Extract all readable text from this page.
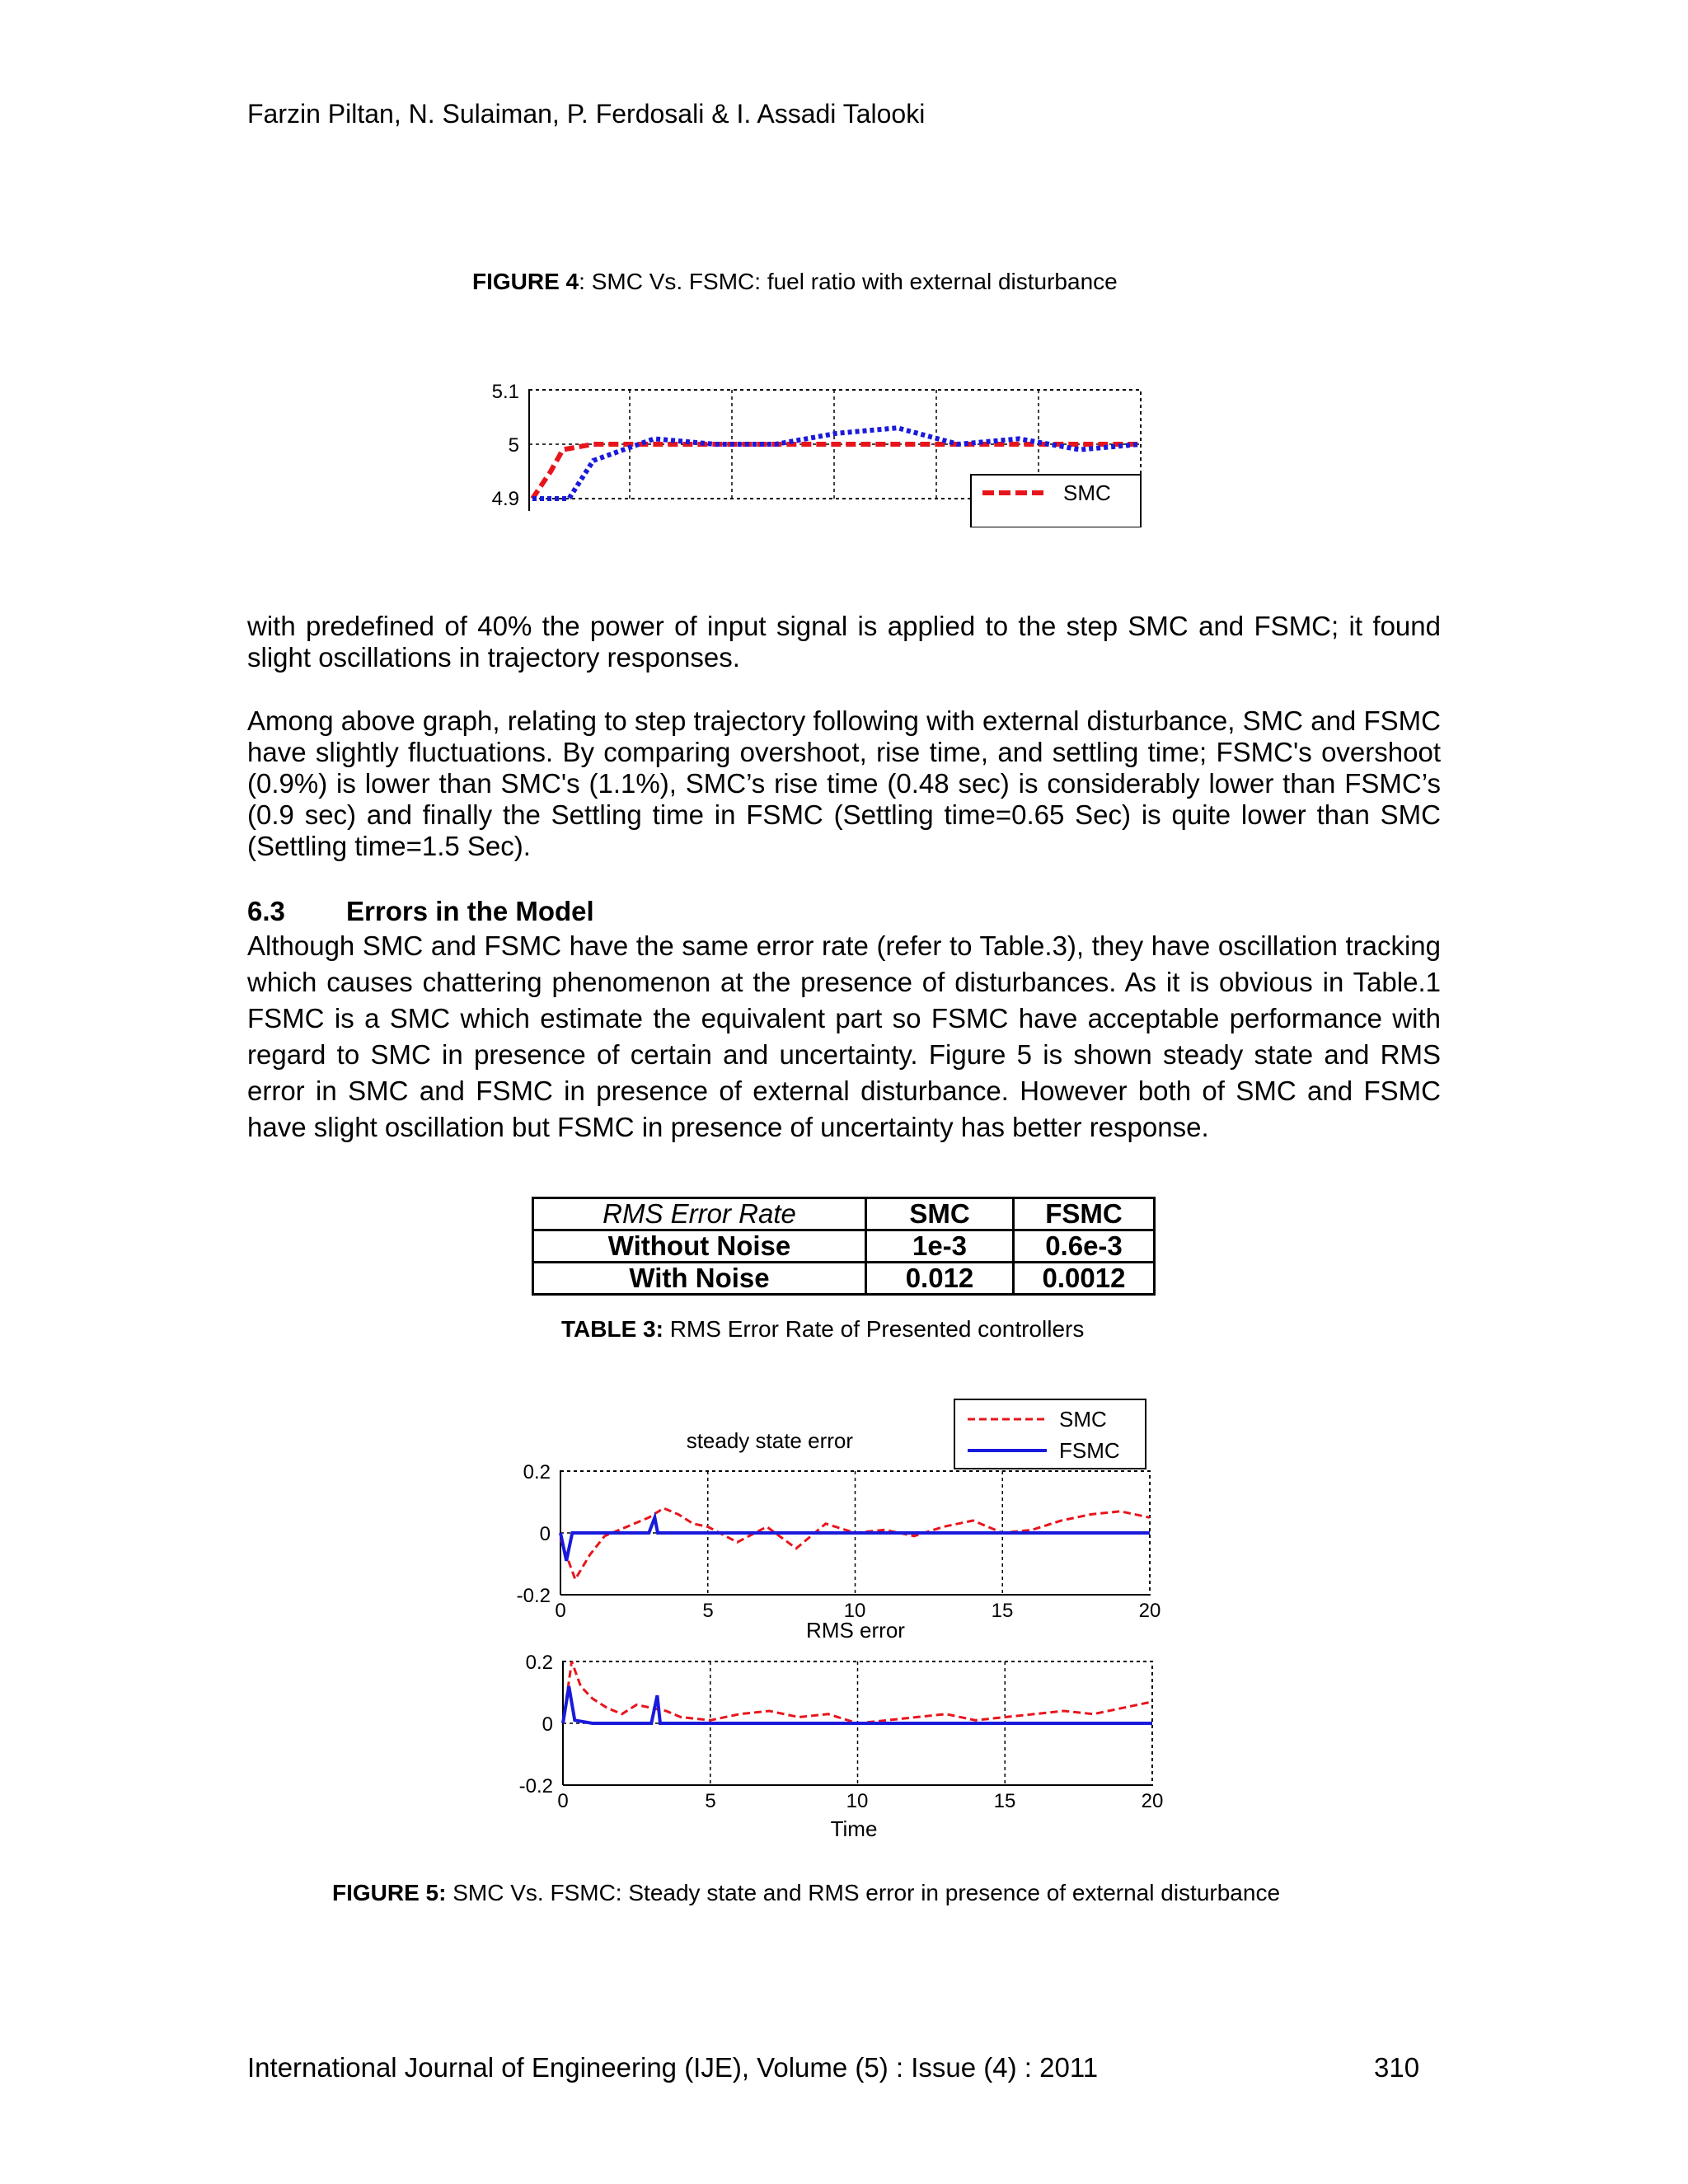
Farzin Piltan, N. Sulaiman, P. Ferdosali & I. Assadi Talooki
FIGURE 4: SMC Vs. FSMC: fuel ratio with external disturbance
5.1
5
4.9	SMC

with predefined of 40% the power of input signal is applied to the step SMC and FSMC; it found slight oscillations in trajectory responses.

Among above graph, relating to step trajectory following with external disturbance, SMC and FSMC have slightly fluctuations. By comparing overshoot, rise time, and settling time; FSMC's overshoot (0.9%) is lower than SMC's (1.1%), SMC’s rise time (0.48 sec) is considerably lower than FSMC’s (0.9 sec) and finally the Settling time in FSMC (Settling time=0.65 Sec) is quite lower than SMC (Settling time=1.5 Sec).

6.3 Errors in the Model

Although SMC and FSMC have the same error rate (refer to Table.3), they have oscillation tracking which causes chattering phenomenon at the presence of disturbances. As it is obvious in Table.1 FSMC is a SMC which estimate the equivalent part so FSMC have acceptable performance with regard to SMC in presence of certain and uncertainty. Figure 5 is shown steady state and RMS error in SMC and FSMC in presence of external disturbance. However both of SMC and FSMC have slight oscillation but FSMC in presence of uncertainty has better response.

RMS Error Rate	SMC	FSMC
Without Noise	1e-3	0.6e-3
With Noise	0.012	0.0012
TABLE 3: RMS Error Rate of Presented controllers
steady state error
0.2
0
-0.2
0	5	10	15	20
SMC
FSMC
RMS error
0.2
0
-0.2
0	5	10	15	20
Time
FIGURE 5: SMC Vs. FSMC: Steady state and RMS error in presence of external disturbance
International Journal of Engineering (IJE), Volume (5) : Issue (4) : 2011	310
